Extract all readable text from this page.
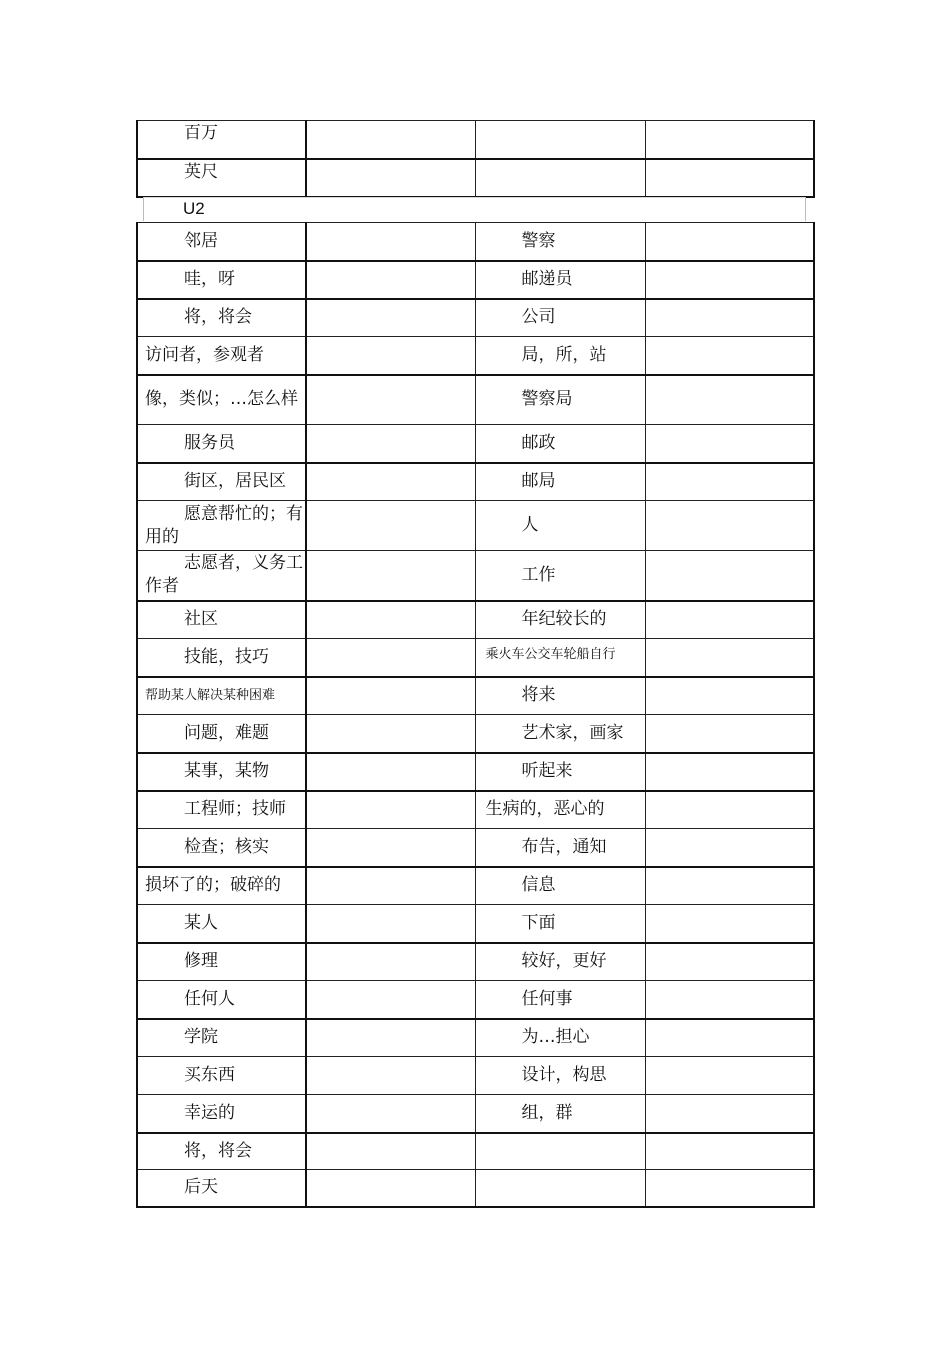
百万			
英尺			
U2
邻居		警察	
哇，呀		邮递员	
将，将会		公司	
访问者，参观者		局，所，站	

像，类似；…怎么样		警察局	
服务员		邮政	
街区，居民区		邮局	

愿意帮忙的；有用的		人	

志愿者，义务工作者		工作	
社区		年纪较长的	
技能，技巧		乘火车公交车轮船自行	
帮助某人解决某种困难		将来	
问题，难题		艺术家，画家	
某事，某物		听起来	
工程师；技师		生病的，恶心的	
检查；核实		布告，通知	
损坏了的；破碎的		信息	
某人		下面	
修理		较好，更好	
任何人		任何事	
学院		为…担心	
买东西		设计，构思	
幸运的		组，群	
将，将会			
后天			
